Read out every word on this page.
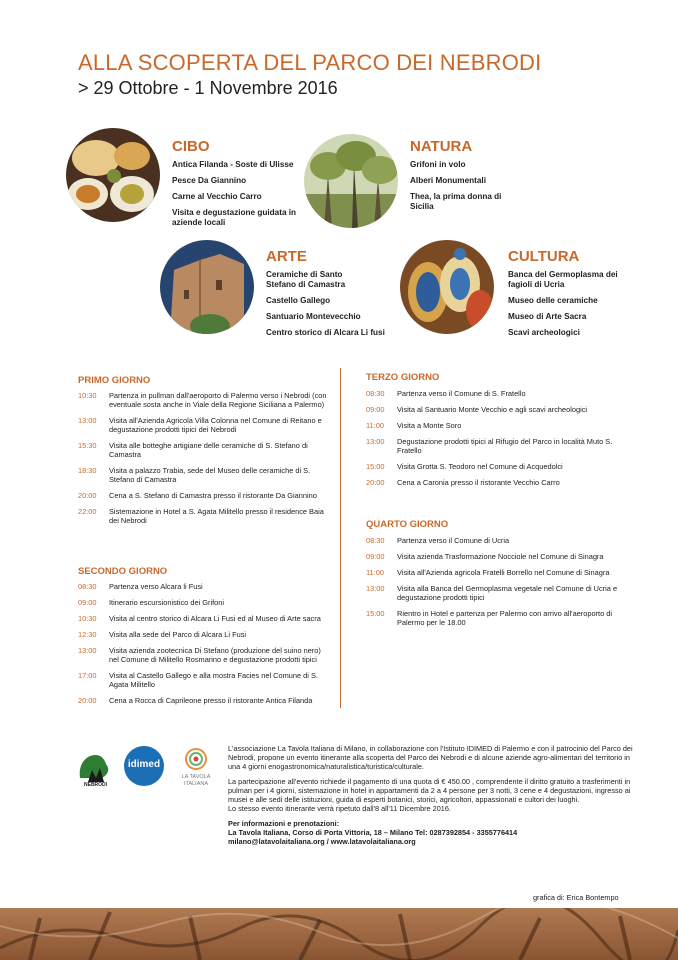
ALLA SCOPERTA DEL PARCO DEI NEBRODI
> 29 Ottobre - 1 Novembre 2016
CIBO
Antica Filanda - Soste di Ulisse
Pesce Da Giannino
Carne al Vecchio Carro
Visita e degustazione guidata in aziende locali
NATURA
Grifoni in volo
Alberi Monumentali
Thea, la prima donna di Sicilia
ARTE
Ceramiche di Santo Stefano di Camastra
Castello Gallego
Santuario Montevecchio
Centro storico di Alcara Li fusi
CULTURA
Banca del Germoplasma dei fagioli di Ucria
Museo delle ceramiche
Museo di Arte Sacra
Scavi archeologici
PRIMO GIORNO
10:30	Partenza in pullman dall'aeroporto di Palermo verso i Nebrodi (con eventuale sosta anche in Viale della Regione Siciliana a Palermo)
13:00	Visita all'Azienda Agricola Villa Colonna nel Comune di Reitano e degustazione prodotti tipici dei Nebrodi
15:30	Visita alle botteghe artigiane delle ceramiche di S. Stefano di Camastra
18:30	Visita a palazzo Trabia, sede del Museo delle ceramiche di S. Stefano di Camastra
20:00	Cena a S. Stefano di Camastra presso il ristorante Da Giannino
22:00	Sistemazione in Hotel a S. Agata Militello presso il residence Baia dei Nebrodi
SECONDO GIORNO
08:30	Partenza verso Alcara li Fusi
09:00	Itinerario escursionistico dei Grifoni
10:30	Visita al centro storico di Alcara Li Fusi ed al Museo di Arte sacra
12:30	Visita alla sede del Parco di Alcara Li Fusi
13:00	Visita azienda zootecnica Di Stefano (produzione del suino nero) nel Comune di Militello Rosmarino e degustazione prodotti tipici
17:00	Visita al Castello Gallego e alla mostra Facies nel Comune di S. Agata Militello
20:00	Cena a Rocca di Caprileone presso il ristorante Antica Filanda
TERZO GIORNO
08:30	Partenza verso il Comune di S. Fratello
09:00	Visita al Santuario Monte Vecchio e agli scavi archeologici
11:00	Visita a Monte Soro
13:00	Degustazione prodotti tipici al Rifugio del Parco in località Muto S. Fratello
15:00	Visita Grotta S. Teodoro nel Comune di Acquedolci
20:00	Cena a Caronia presso il ristorante Vecchio Carro
QUARTO GIORNO
08:30	Partenza verso il Comune di Ucria
09:00	Visita azienda Trasformazione Nocciole nel Comune di Sinagra
11:00	Visita all'Azienda agricola Fratelli Borrello nel Comune di Sinagra
13:00	Visita alla Banca del Germoplasma vegetale nel Comune di Ucria e degustazione prodotti tipici
15:00	Rientro in Hotel e partenza per Palermo con arrivo all'aeroporto di Palermo per le 18.00
NEBRODI
idimed
LA TAVOLA
ITALIANA

L'associazione La Tavola Italiana di Milano, in collaborazione con l'Istituto IDIMED di Palermo e con il patrocinio del Parco dei Nebrodi, propone un evento itinerante alla scoperta del Parco dei Nebrodi e di alcune aziende agro-alimentari del territorio in una 4 giorni enogastronomica/naturalistica/turistica/culturale.

La partecipazione all'evento richiede il pagamento di una quota di € 450.00 , comprendente il diritto gratuito a trasferimenti in pulman per i 4 giorni, sistemazione in hotel in appartamenti da 2 a 4 persone per 3 notti, 3 cene e 4 degustazioni, ingresso ai musei e alle sedi delle istituzioni, guida di esperti botanici, storici, agricoltori, appassionati e cultori dei luoghi.

Lo stesso evento itinerante verrà ripetuto dall'8 all'11 Dicembre 2016.

Per informazioni e prenotazioni:
La Tavola Italiana, Corso di Porta Vittoria, 18 – Milano Tel: 0287392854 - 3355776414
milano@latavolaitaliana.org / www.latavolaitaliana.org
grafica di: Erica Bontempo
